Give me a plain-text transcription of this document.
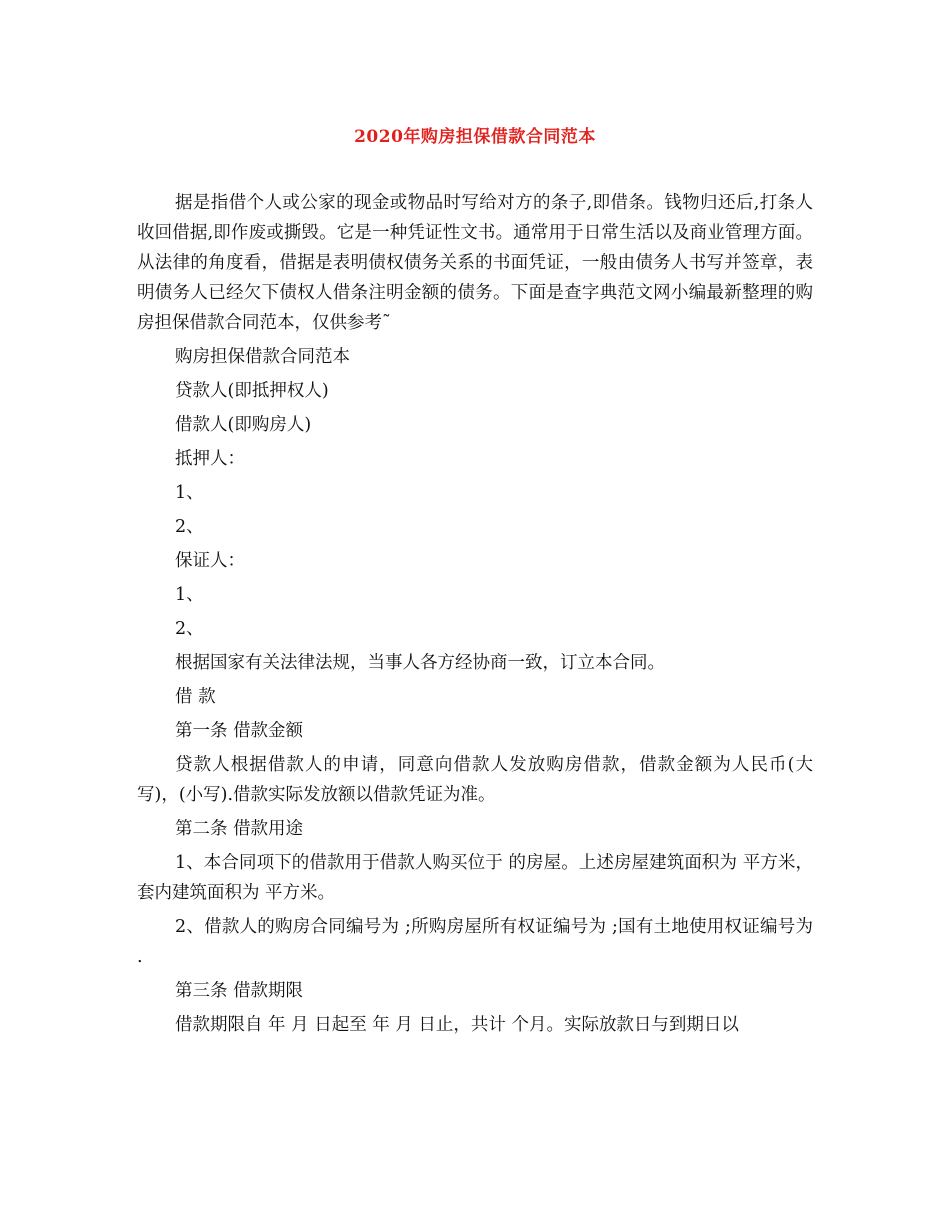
2020年购房担保借款合同范本

据是指借个人或公家的现金或物品时写给对方的条子,即借条。钱物归还后,打条人收回借据,即作废或撕毁。它是一种凭证性文书。通常用于日常生活以及商业管理方面。从法律的角度看，借据是表明债权债务关系的书面凭证，一般由债务人书写并签章，表明债务人已经欠下债权人借条注明金额的债务。下面是查字典范文网小编最新整理的购房担保借款合同范本，仅供参考˜

购房担保借款合同范本

贷款人(即抵押权人)

借款人(即购房人)

抵押人：

1、

2、

保证人：

1、

2、

根据国家有关法律法规，当事人各方经协商一致，订立本合同。

借 款

第一条 借款金额

贷款人根据借款人的申请，同意向借款人发放购房借款，借款金额为人民币(大写)，(小写).借款实际发放额以借款凭证为准。

第二条 借款用途

1、本合同项下的借款用于借款人购买位于 的房屋。上述房屋建筑面积为 平方米，套内建筑面积为 平方米。

2、借款人的购房合同编号为 ;所购房屋所有权证编号为 ;国有土地使用权证编号为 .

第三条 借款期限

借款期限自 年 月 日起至 年 月 日止，共计 个月。实际放款日与到期日以
